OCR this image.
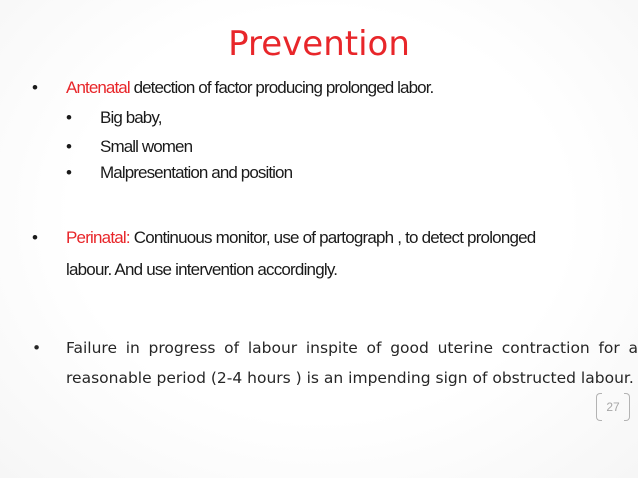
Prevention
• Antenatal detection of factor producing prolonged labor.
• Big baby,
• Small women
• Malpresentation and position
• Perinatal: Continuous monitor, use of partograph , to detect prolonged
labour. And use intervention accordingly.
• Failure in progress of labour inspite of good uterine contraction for a reasonable period (2-4 hours ) is an impending sign of obstructed labour.
27
